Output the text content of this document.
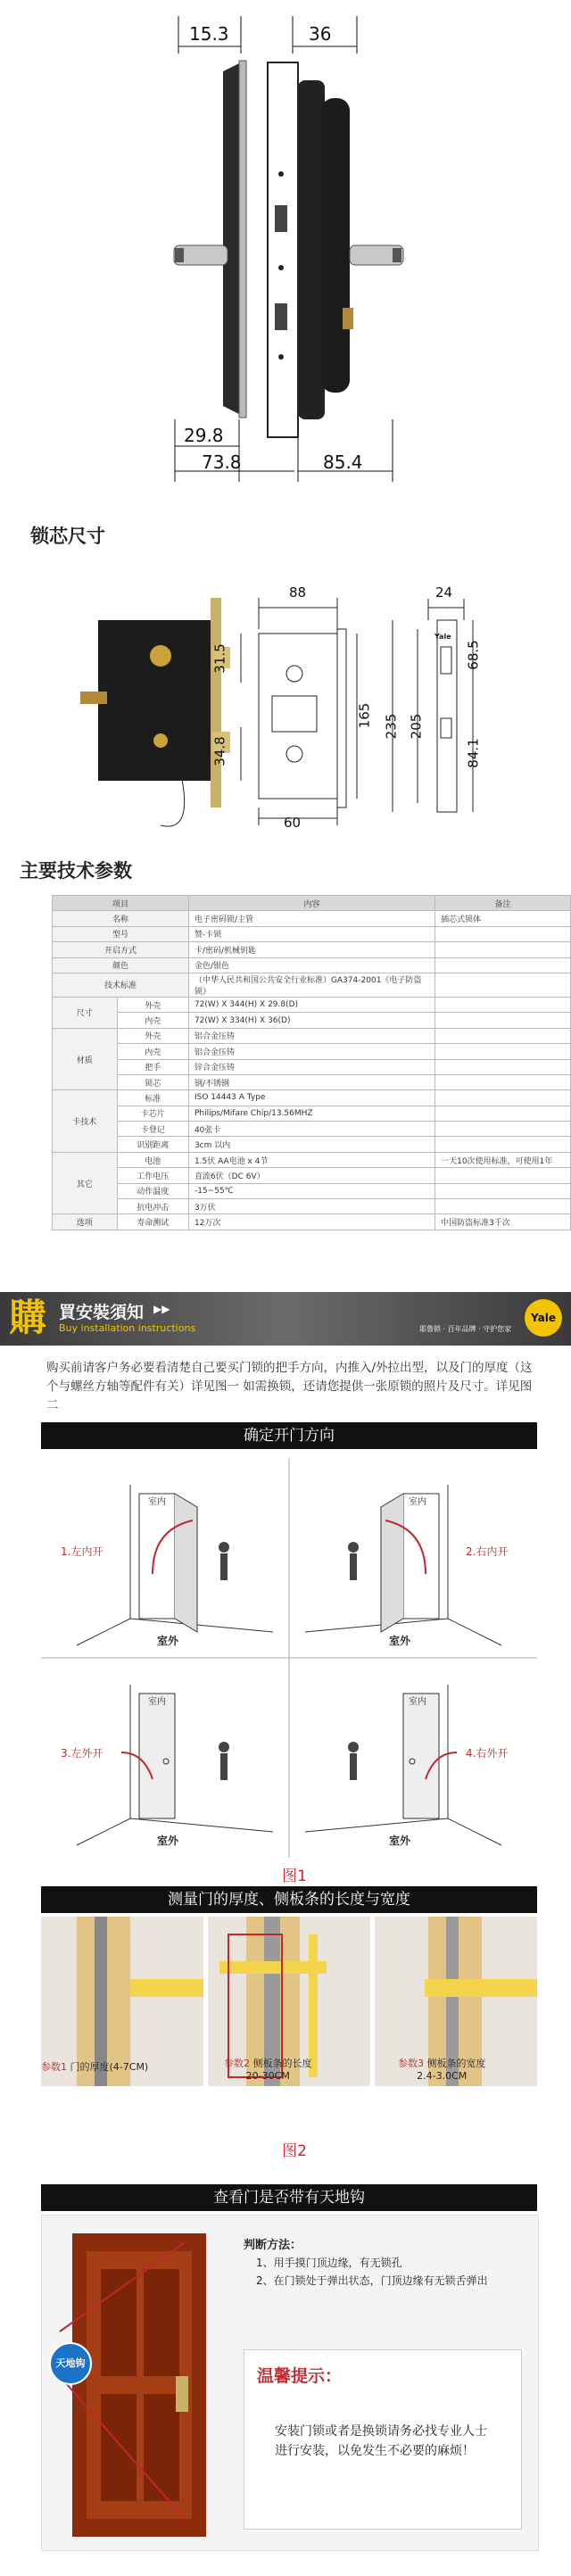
15.3	36
29.8
73.8	85.4
锁芯尺寸
88	24
31.5
34.8
165 235 205
68.5
84.1
60
Yale
主要技术参数
项目		内容	备注
名称		电子密码锁/主管	插芯式锁体
型号		赞-卡锁	
开启方式		卡/密码/机械钥匙	
颜色		金色/银色	
技术标准		（中华人民共和国公共安全行业标准）GA374-2001《电子防盗锁》	
尺寸	外壳	72(W) X 344(H) X 29.8(D)	
	内壳	72(W) X 334(H) X 36(D)	
材质	外壳	铝合金压铸	
	内壳	铝合金压铸	
	把手	锌合金压铸	
	锁芯	钢/不锈钢	
卡技术	标准	ISO 14443 A Type	
	卡芯片	Philips/Mifare Chip/13.56MHZ	
	卡登记	40张卡	
	识别距离	3cm 以内	
其它	电池	1.5伏 AA电池 x 4节	一天10次使用标准，可使用1年
	工作电压	直流6伏（DC 6V）	
	动作温度	-15~55℃	
	抗电冲击	3万伏	
选项	寿命测试	12万次	中国防盗标准3千次
購 買安裝須知 ▶▶
Buy installation instructions
Yale
耶鲁锁 · 百年品牌 · 守护您家
购买前请客户务必要看清楚自己要买门锁的把手方向，内推入/外拉出型，以及门的厚度（这个与螺丝方轴等配件有关）详见图一 如需换锁，还请您提供一张原锁的照片及尺寸。详见图二
确定开门方向
1.左内开
室内
室外
2.右内开
室内
室外
3.左外开
室内
室外
4.右外开
室内
室外
图1
测量门的厚度、侧板条的长度与宽度
参数1 门的厚度(4-7CM)	参数2 侧板条的长度
20-30CM
参数3 侧板条的宽度
2.4-3.0CM
图2
查看门是否带有天地钩
天地钩
判断方法：
1、用手摸门顶边缘，有无锁孔
2、在门锁处于弹出状态，门顶边缘有无锁舌弹出
温馨提示：
安装门锁或者是换锁请务必找专业人士进行安装，以免发生不必要的麻烦！
